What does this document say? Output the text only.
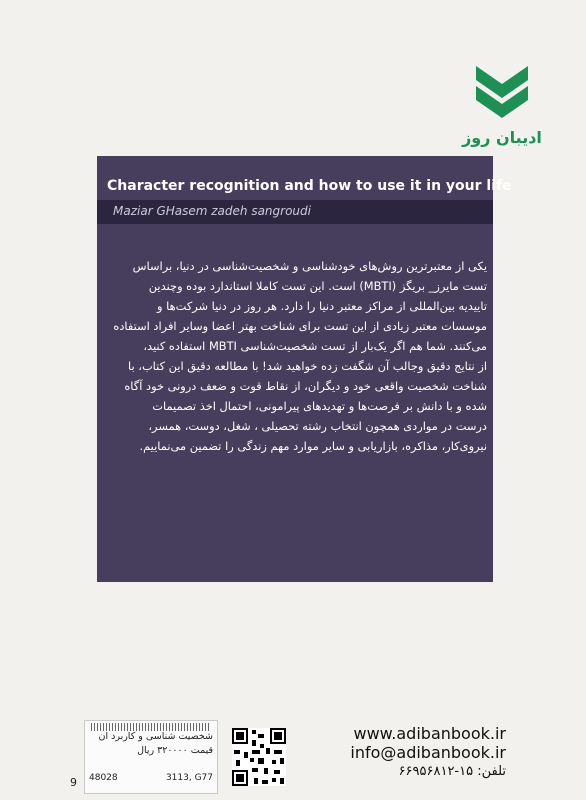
ادیبان روز
Character recognition and how to use it in your life
Maziar GHasem zadeh sangroudi
یکی از معتبرترین روش‌های خودشناسی و شخصیت‌شناسی در دنیا، براساس
تست مایرز_ بریگز (MBTI) است. این تست کاملا استاندارد بوده وچندین
تاییدیه بین‌المللی از مراکز معتبر دنیا را دارد. هر روز در دنیا شرکت‌ها و
موسسات معتبر زیادی از این تست برای شناخت بهتر اعضا وسایر افراد استفاده
می‌کنند. شما هم اگر یک‌بار از تست شخصیت‌شناسی MBTI استفاده کنید،
از نتایج دقیق وجالب آن شگفت زده خواهید شد! با مطالعه دقیق این کتاب، با
شناخت شخصیت واقعی خود و دیگران، از نقاط قوت و ضعف درونی خود آگاه
شده و با دانش بر فرصت‌ها و تهدیدهای پیرامونی، احتمال اخذ تصمیمات
درست در مواردی همچون انتخاب رشته تحصیلی ، شغل، دوست، همسر،
نیروی‌کار، مذاکره، بازاریابی و سایر موارد مهم زندگی را تضمین می‌نماییم.
شخصیت شناسی و کاربرد ان
قیمت ۳۲۰۰۰۰ ریال
48028	3113, G77
9
www.adibanbook.ir
info@adibanbook.ir
تلفن: ۱۵-۶۶۹۵۶۸۱۲
